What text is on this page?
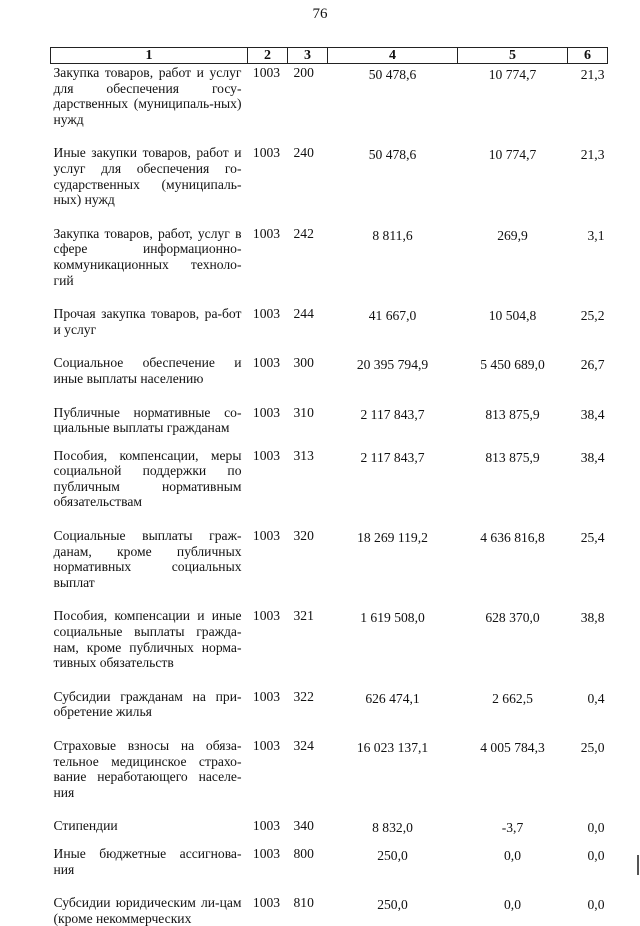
76
1	2	3	4	5	6
Закупка товаров, работ и услуг для обеспечения госу-дарственных (муниципаль-ных) нужд	1003	200	50 478,6	10 774,7	21,3
Иные закупки товаров, работ и услуг для обеспечения го-сударственных (муниципаль-ных) нужд	1003	240	50 478,6	10 774,7	21,3
Закупка товаров, работ, услуг в сфере информационно-коммуникационных техноло-гий	1003	242	8 811,6	269,9	3,1
Прочая закупка товаров, ра-бот и услуг	1003	244	41 667,0	10 504,8	25,2
Социальное обеспечение и иные выплаты населению	1003	300	20 395 794,9	5 450 689,0	26,7
Публичные нормативные со-циальные выплаты гражданам	1003	310	2 117 843,7	813 875,9	38,4
Пособия, компенсации, меры социальной поддержки по публичным нормативным обязательствам	1003	313	2 117 843,7	813 875,9	38,4
Социальные выплаты граж-данам, кроме публичных нормативных социальных выплат	1003	320	18 269 119,2	4 636 816,8	25,4
Пособия, компенсации и иные социальные выплаты гражда-нам, кроме публичных норма-тивных обязательств	1003	321	1 619 508,0	628 370,0	38,8
Субсидии гражданам на при-обретение жилья	1003	322	626 474,1	2 662,5	0,4
Страховые взносы на обяза-тельное медицинское страхо-вание неработающего населе-ния	1003	324	16 023 137,1	4 005 784,3	25,0
Стипендии	1003	340	8 832,0	-3,7	0,0
Иные бюджетные ассигнова-ния	1003	800	250,0	0,0	0,0
Субсидии юридическим ли-цам (кроме некоммерческих	1003	810	250,0	0,0	0,0
